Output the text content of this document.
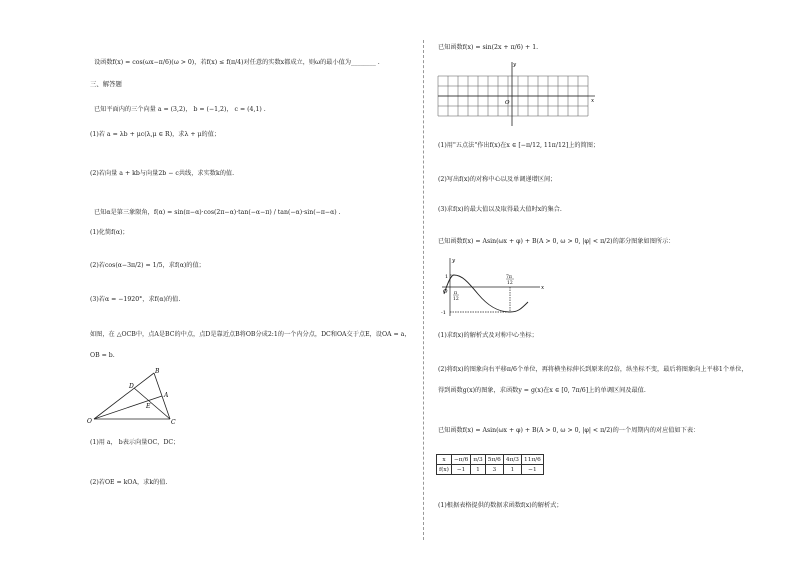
设函数f(x) = cos(ωx−π/6)(ω > 0)，若f(x) ≤ f(π/4)对任意的实数x都成立，则ω的最小值为________ .
三、解答题
已知平面内的三个向量 a = (3,2)， b = (−1,2)， c = (4,1) .
(1)若 a = λb + μc(λ,μ ∈ R)，求λ + μ的值；
(2)若向量 a + kb与向量2b − c共线，求实数k的值.
已知α是第三象限角，f(α) = sin(π−α)·cos(2π−α)·tan(−α−π) / tan(−α)·sin(−π−α) .
(1)化简f(α)；
(2)若cos(α−3π/2) = 1/5，求f(α)的值；
(3)若α = −1920°，求f(α)的值.
如图，在 △OCB中，点A是BC的中点，点D是靠近点B将OB分成2:1的一个内分点，DC和OA交于点E，设OA = a，
OB = b.
B
D
A
E
O	C
(1)用 a， b表示向量OC，DC；
(2)若OE = kOA，求k的值.
已知函数f(x) = sin(2x + π/6) + 1.
y
x
O
(1)用"五点法"作出f(x)在x ∈ [−π/12, 11π/12]上的简图；
(2)写出f(x)的对称中心以及单调递增区间；
(3)求f(x)的最大值以及取得最大值时x的集合.
已知函数f(x) = Asin(ωx + φ) + B(A > 0, ω > 0, |φ| < π/2)的部分图象如图所示：
y
x
O
1
-1
π
12
7π
12
(1)求f(x)的解析式及对称中心坐标；
(2)将f(x)的图象向右平移π/6个单位，再将横坐标伸长到原来的2倍，纵坐标不变，最后将图象向上平移1个单位，
得到函数g(x)的图象，求函数y = g(x)在x ∈ [0, 7π/6]上的单调区间及最值.
已知函数f(x) = Asin(ωx + φ) + B(A > 0, ω > 0, |φ| < π/2)的一个周期内的对应值如下表：
x	−π/6	π/3	5π/6	4π/3	11π/6
f(x)	−1	1	3	1	−1
(1)根据表格提供的数据求函数f(x)的解析式；
